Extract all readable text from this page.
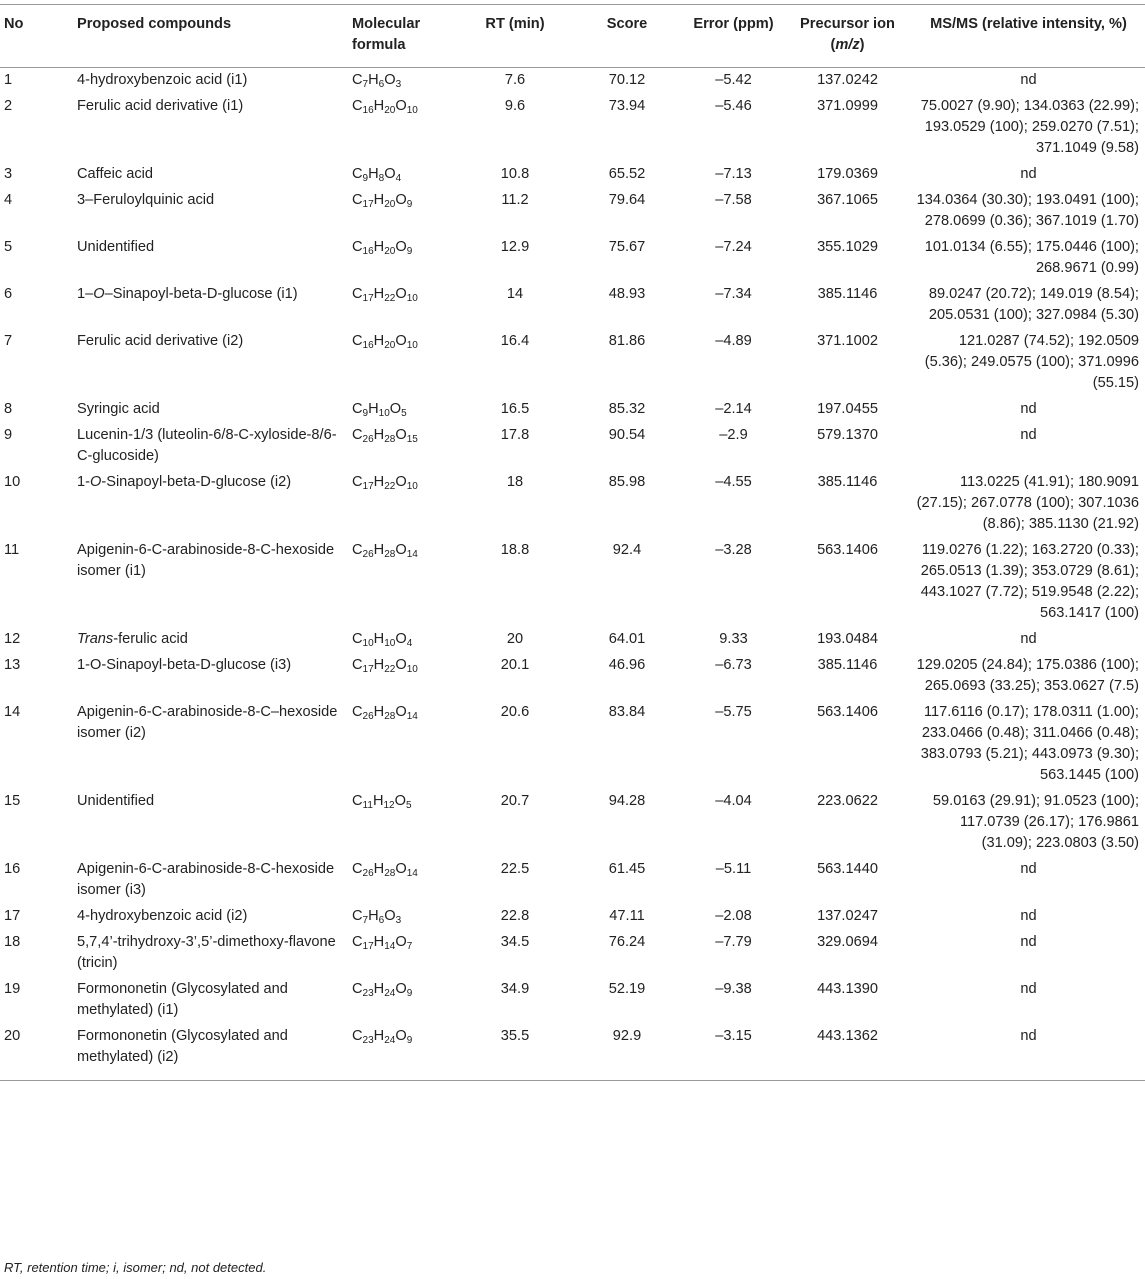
No	Proposed compounds	Molecular formula	RT (min)	Score	Error (ppm)	Precursor ion (m/z)	MS/MS (relative intensity, %)
1	4-hydroxybenzoic acid (i1)	$C_7H_6O_3$	7.6	70.12	–5.42	137.0242	nd
2	Ferulic acid derivative (i1)	$C_{16}H_{20}O_{10}$	9.6	73.94	–5.46	371.0999	75.0027 (9.90); 134.0363 (22.99); 193.0529 (100); 259.0270 (7.51); 371.1049 (9.58)
3	Caffeic acid	$C_9H_8O_4$	10.8	65.52	–7.13	179.0369	nd
4	3–Feruloylquinic acid	$C_{17}H_{20}O_9$	11.2	79.64	–7.58	367.1065	134.0364 (30.30); 193.0491 (100); 278.0699 (0.36); 367.1019 (1.70)
5	Unidentified	$C_{16}H_{20}O_9$	12.9	75.67	–7.24	355.1029	101.0134 (6.55); 175.0446 (100); 268.9671 (0.99)
6	1–O–Sinapoyl-beta-D-glucose (i1)	$C_{17}H_{22}O_{10}$	14	48.93	–7.34	385.1146	89.0247 (20.72); 149.019 (8.54); 205.0531 (100); 327.0984 (5.30)
7	Ferulic acid derivative (i2)	$C_{16}H_{20}O_{10}$	16.4	81.86	–4.89	371.1002	121.0287 (74.52); 192.0509 (5.36); 249.0575 (100); 371.0996 (55.15)
8	Syringic acid	$C_9H_{10}O_5$	16.5	85.32	–2.14	197.0455	nd
9	Lucenin-1/3 (luteolin-6/8-C-xyloside-8/6-C-glucoside)	$C_{26}H_{28}O_{15}$	17.8	90.54	–2.9	579.1370	nd
10	1-O-Sinapoyl-beta-D-glucose (i2)	$C_{17}H_{22}O_{10}$	18	85.98	–4.55	385.1146	113.0225 (41.91); 180.9091 (27.15); 267.0778 (100); 307.1036 (8.86); 385.1130 (21.92)
11	Apigenin-6-C-arabinoside-8-C-hexoside isomer (i1)	$C_{26}H_{28}O_{14}$	18.8	92.4	–3.28	563.1406	119.0276 (1.22); 163.2720 (0.33); 265.0513 (1.39); 353.0729 (8.61); 443.1027 (7.72); 519.9548 (2.22); 563.1417 (100)
12	Trans-ferulic acid	$C_{10}H_{10}O_4$	20	64.01	9.33	193.0484	nd
13	1-O-Sinapoyl-beta-D-glucose (i3)	$C_{17}H_{22}O_{10}$	20.1	46.96	–6.73	385.1146	129.0205 (24.84); 175.0386 (100); 265.0693 (33.25); 353.0627 (7.5)
14	Apigenin-6-C-arabinoside-8-C–hexoside isomer (i2)	$C_{26}H_{28}O_{14}$	20.6	83.84	–5.75	563.1406	117.6116 (0.17); 178.0311 (1.00); 233.0466 (0.48); 311.0466 (0.48); 383.0793 (5.21); 443.0973 (9.30); 563.1445 (100)
15	Unidentified	$C_{11}H_{12}O_5$	20.7	94.28	–4.04	223.0622	59.0163 (29.91); 91.0523 (100); 117.0739 (26.17); 176.9861 (31.09); 223.0803 (3.50)
16	Apigenin-6-C-arabinoside-8-C-hexoside isomer (i3)	$C_{26}H_{28}O_{14}$	22.5	61.45	–5.11	563.1440	nd
17	4-hydroxybenzoic acid (i2)	$C_7H_6O_3$	22.8	47.11	–2.08	137.0247	nd
18	5,7,4’-trihydroxy-3’,5’-dimethoxy-flavone (tricin)	$C_{17}H_{14}O_7$	34.5	76.24	–7.79	329.0694	nd
19	Formononetin (Glycosylated and methylated) (i1)	$C_{23}H_{24}O_9$	34.9	52.19	–9.38	443.1390	nd
20	Formononetin (Glycosylated and methylated) (i2)	$C_{23}H_{24}O_9$	35.5	92.9	–3.15	443.1362	nd
RT, retention time; i, isomer; nd, not detected.
